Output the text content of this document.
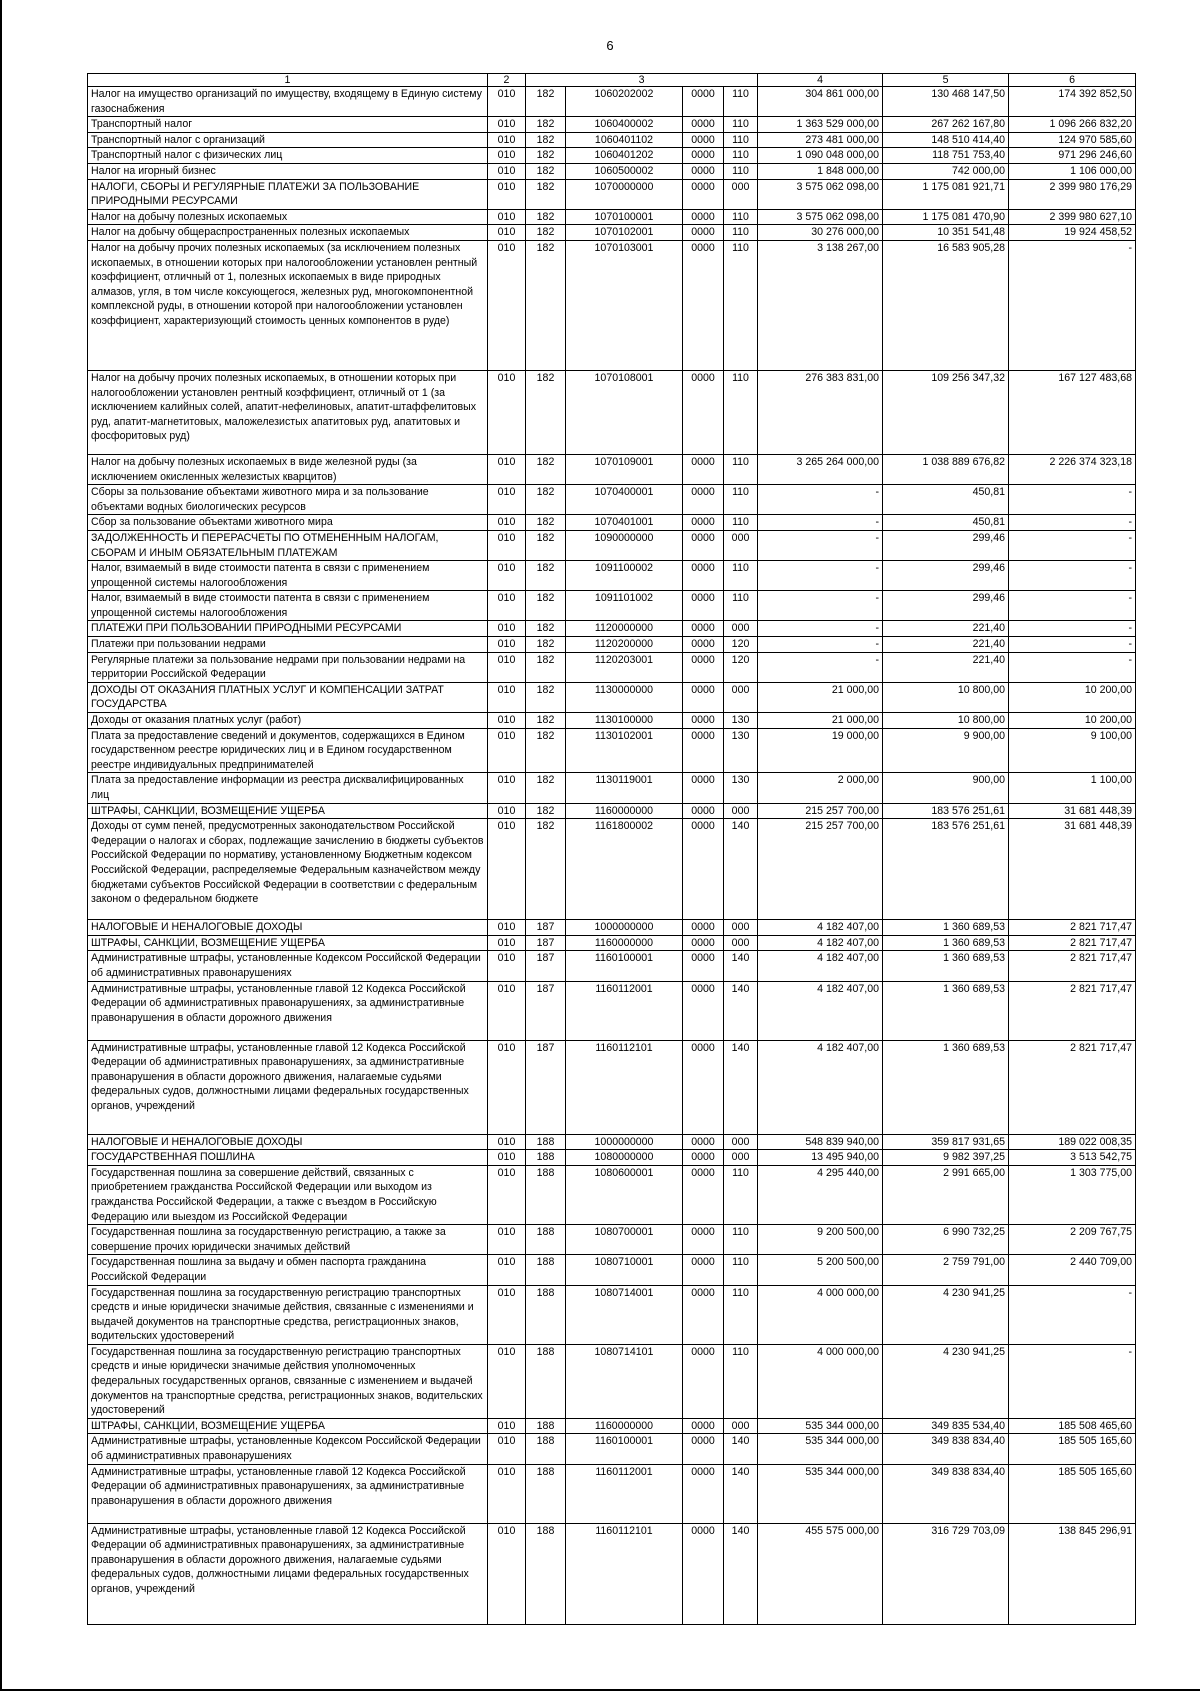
6
1	2	3				4	5	6
Налог на имущество организаций по имуществу, входящему в Единую систему газоснабжения	010	182	1060202002	0000	110	304 861 000,00	130 468 147,50	174 392 852,50
Транспортный налог	010	182	1060400002	0000	110	1 363 529 000,00	267 262 167,80	1 096 266 832,20
Транспортный налог с организаций	010	182	1060401102	0000	110	273 481 000,00	148 510 414,40	124 970 585,60
Транспортный налог с физических лиц	010	182	1060401202	0000	110	1 090 048 000,00	118 751 753,40	971 296 246,60
Налог на игорный бизнес	010	182	1060500002	0000	110	1 848 000,00	742 000,00	1 106 000,00
НАЛОГИ, СБОРЫ И РЕГУЛЯРНЫЕ ПЛАТЕЖИ ЗА ПОЛЬЗОВАНИЕ ПРИРОДНЫМИ РЕСУРСАМИ	010	182	1070000000	0000	000	3 575 062 098,00	1 175 081 921,71	2 399 980 176,29
Налог на добычу полезных ископаемых	010	182	1070100001	0000	110	3 575 062 098,00	1 175 081 470,90	2 399 980 627,10
Налог на добычу общераспространенных полезных ископаемых	010	182	1070102001	0000	110	30 276 000,00	10 351 541,48	19 924 458,52
Налог на добычу прочих полезных ископаемых (за исключением полезных ископаемых, в отношении которых при налогообложении установлен рентный коэффициент, отличный от 1, полезных ископаемых в виде природных алмазов, угля, в том числе коксующегося, железных руд, многокомпонентной комплексной руды, в отношении которой при налогообложении установлен коэффициент, характеризующий стоимость ценных компонентов в руде)	010	182	1070103001	0000	110	3 138 267,00	16 583 905,28	-
Налог на добычу прочих полезных ископаемых, в отношении которых при налогообложении установлен рентный коэффициент, отличный от 1 (за исключением калийных солей, апатит-нефелиновых, апатит-штаффелитовых руд, апатит-магнетитовых, маложелезистых апатитовых руд, апатитовых и фосфоритовых руд)	010	182	1070108001	0000	110	276 383 831,00	109 256 347,32	167 127 483,68
Налог на добычу полезных ископаемых в виде железной руды (за исключением окисленных железистых кварцитов)	010	182	1070109001	0000	110	3 265 264 000,00	1 038 889 676,82	2 226 374 323,18
Сборы за пользование объектами животного мира и за пользование объектами водных биологических ресурсов	010	182	1070400001	0000	110	-	450,81	-
Сбор за пользование объектами животного мира	010	182	1070401001	0000	110	-	450,81	-
ЗАДОЛЖЕННОСТЬ И ПЕРЕРАСЧЕТЫ ПО ОТМЕНЕННЫМ НАЛОГАМ, СБОРАМ И ИНЫМ ОБЯЗАТЕЛЬНЫМ ПЛАТЕЖАМ	010	182	1090000000	0000	000	-	299,46	-
Налог, взимаемый в виде стоимости патента в связи с применением упрощенной системы налогообложения	010	182	1091100002	0000	110	-	299,46	-
Налог, взимаемый в виде стоимости патента в связи с применением упрощенной системы налогообложения	010	182	1091101002	0000	110	-	299,46	-
ПЛАТЕЖИ ПРИ ПОЛЬЗОВАНИИ ПРИРОДНЫМИ РЕСУРСАМИ	010	182	1120000000	0000	000	-	221,40	-
Платежи при пользовании недрами	010	182	1120200000	0000	120	-	221,40	-
Регулярные платежи за пользование недрами при пользовании недрами на территории Российской Федерации	010	182	1120203001	0000	120	-	221,40	-
ДОХОДЫ ОТ ОКАЗАНИЯ ПЛАТНЫХ УСЛУГ И КОМПЕНСАЦИИ ЗАТРАТ ГОСУДАРСТВА	010	182	1130000000	0000	000	21 000,00	10 800,00	10 200,00
Доходы от оказания платных услуг (работ)	010	182	1130100000	0000	130	21 000,00	10 800,00	10 200,00
Плата за предоставление сведений и документов, содержащихся в Едином государственном реестре юридических лиц и в Едином государственном реестре индивидуальных предпринимателей	010	182	1130102001	0000	130	19 000,00	9 900,00	9 100,00
Плата за предоставление информации из реестра дисквалифицированных лиц	010	182	1130119001	0000	130	2 000,00	900,00	1 100,00
ШТРАФЫ, САНКЦИИ, ВОЗМЕЩЕНИЕ УЩЕРБА	010	182	1160000000	0000	000	215 257 700,00	183 576 251,61	31 681 448,39
Доходы от сумм пеней, предусмотренных законодательством Российской Федерации о налогах и сборах, подлежащие зачислению в бюджеты субъектов Российской Федерации по нормативу, установленному Бюджетным кодексом Российской Федерации, распределяемые Федеральным казначейством между бюджетами субъектов Российской Федерации в соответствии с федеральным законом о федеральном бюджете	010	182	1161800002	0000	140	215 257 700,00	183 576 251,61	31 681 448,39
НАЛОГОВЫЕ И НЕНАЛОГОВЫЕ ДОХОДЫ	010	187	1000000000	0000	000	4 182 407,00	1 360 689,53	2 821 717,47
ШТРАФЫ, САНКЦИИ, ВОЗМЕЩЕНИЕ УЩЕРБА	010	187	1160000000	0000	000	4 182 407,00	1 360 689,53	2 821 717,47
Административные штрафы, установленные Кодексом Российской Федерации об административных правонарушениях	010	187	1160100001	0000	140	4 182 407,00	1 360 689,53	2 821 717,47
Административные штрафы, установленные главой 12 Кодекса Российской Федерации об административных правонарушениях, за административные правонарушения в области дорожного движения	010	187	1160112001	0000	140	4 182 407,00	1 360 689,53	2 821 717,47
Административные штрафы, установленные главой 12 Кодекса Российской Федерации об административных правонарушениях, за административные правонарушения в области дорожного движения, налагаемые судьями федеральных судов, должностными лицами федеральных государственных органов, учреждений	010	187	1160112101	0000	140	4 182 407,00	1 360 689,53	2 821 717,47
НАЛОГОВЫЕ И НЕНАЛОГОВЫЕ ДОХОДЫ	010	188	1000000000	0000	000	548 839 940,00	359 817 931,65	189 022 008,35
ГОСУДАРСТВЕННАЯ ПОШЛИНА	010	188	1080000000	0000	000	13 495 940,00	9 982 397,25	3 513 542,75
Государственная пошлина за совершение действий, связанных с приобретением гражданства Российской Федерации или выходом из гражданства Российской Федерации, а также с въездом в Российскую Федерацию или выездом из Российской Федерации	010	188	1080600001	0000	110	4 295 440,00	2 991 665,00	1 303 775,00
Государственная пошлина за государственную регистрацию, а также за совершение прочих юридически значимых действий	010	188	1080700001	0000	110	9 200 500,00	6 990 732,25	2 209 767,75
Государственная пошлина за выдачу и обмен паспорта гражданина Российской Федерации	010	188	1080710001	0000	110	5 200 500,00	2 759 791,00	2 440 709,00
Государственная пошлина за государственную регистрацию транспортных средств и иные юридически значимые действия, связанные с изменениями и выдачей документов на транспортные средства, регистрационных знаков, водительских удостоверений	010	188	1080714001	0000	110	4 000 000,00	4 230 941,25	-
Государственная пошлина за государственную регистрацию транспортных средств и иные юридически значимые действия уполномоченных федеральных государственных органов, связанные с изменением и выдачей документов на транспортные средства, регистрационных знаков, водительских удостоверений	010	188	1080714101	0000	110	4 000 000,00	4 230 941,25	-
ШТРАФЫ, САНКЦИИ, ВОЗМЕЩЕНИЕ УЩЕРБА	010	188	1160000000	0000	000	535 344 000,00	349 835 534,40	185 508 465,60
Административные штрафы, установленные Кодексом Российской Федерации об административных правонарушениях	010	188	1160100001	0000	140	535 344 000,00	349 838 834,40	185 505 165,60
Административные штрафы, установленные главой 12 Кодекса Российской Федерации об административных правонарушениях, за административные правонарушения в области дорожного движения	010	188	1160112001	0000	140	535 344 000,00	349 838 834,40	185 505 165,60
Административные штрафы, установленные главой 12 Кодекса Российской Федерации об административных правонарушениях, за административные правонарушения в области дорожного движения, налагаемые судьями федеральных судов, должностными лицами федеральных государственных органов, учреждений	010	188	1160112101	0000	140	455 575 000,00	316 729 703,09	138 845 296,91
